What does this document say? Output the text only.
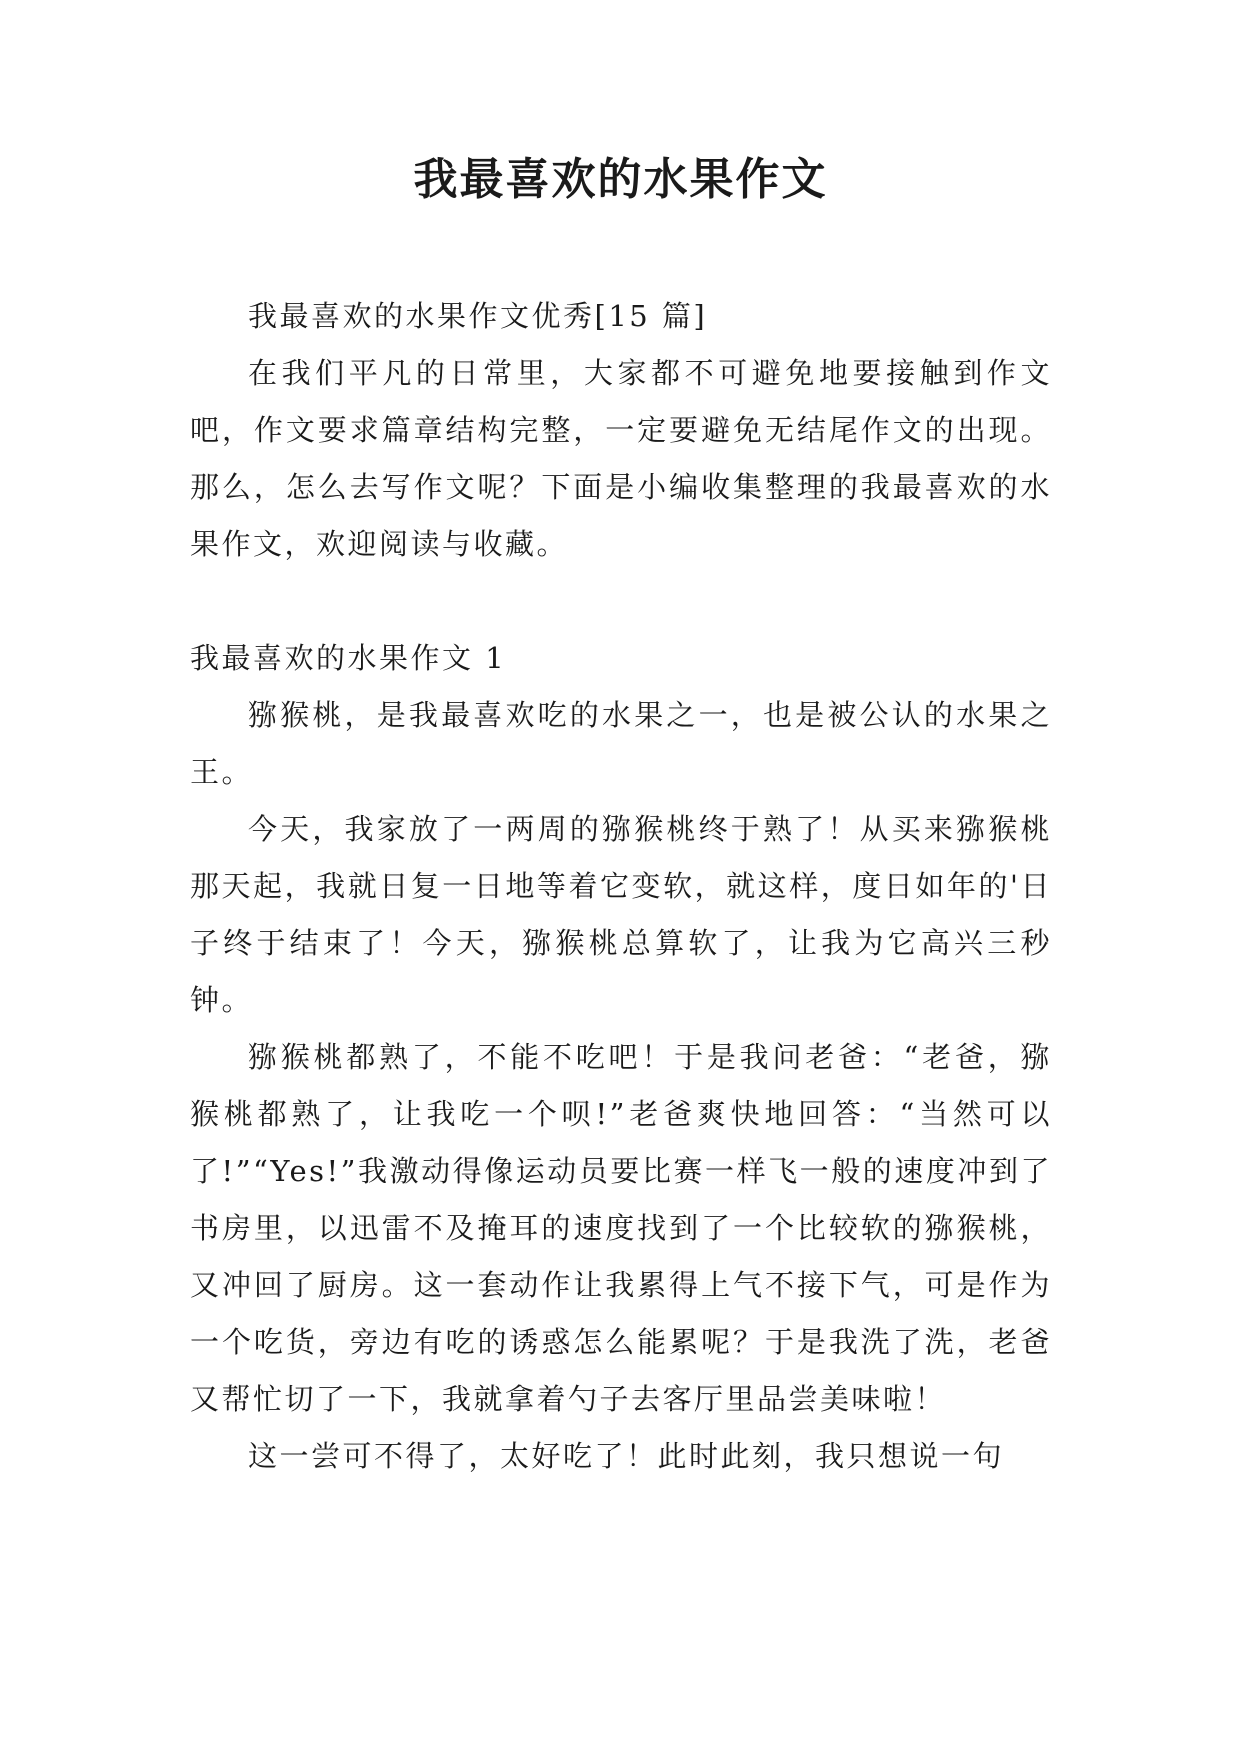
我最喜欢的水果作文

我最喜欢的水果作文优秀[15 篇]

在我们平凡的日常里，大家都不可避免地要接触到作文吧，作文要求篇章结构完整，一定要避免无结尾作文的出现。那么，怎么去写作文呢？下面是小编收集整理的我最喜欢的水果作文，欢迎阅读与收藏。

我最喜欢的水果作文 1

猕猴桃，是我最喜欢吃的水果之一，也是被公认的水果之王。

今天，我家放了一两周的猕猴桃终于熟了！从买来猕猴桃那天起，我就日复一日地等着它变软，就这样，度日如年的'日子终于结束了！今天，猕猴桃总算软了，让我为它高兴三秒钟。

猕猴桃都熟了，不能不吃吧！于是我问老爸：“老爸，猕猴桃都熟了，让我吃一个呗!”老爸爽快地回答：“当然可以了!”“Yes!”我激动得像运动员要比赛一样飞一般的速度冲到了书房里，以迅雷不及掩耳的速度找到了一个比较软的猕猴桃，又冲回了厨房。这一套动作让我累得上气不接下气，可是作为一个吃货，旁边有吃的诱惑怎么能累呢？于是我洗了洗，老爸又帮忙切了一下，我就拿着勺子去客厅里品尝美味啦！

这一尝可不得了，太好吃了！此时此刻，我只想说一句
